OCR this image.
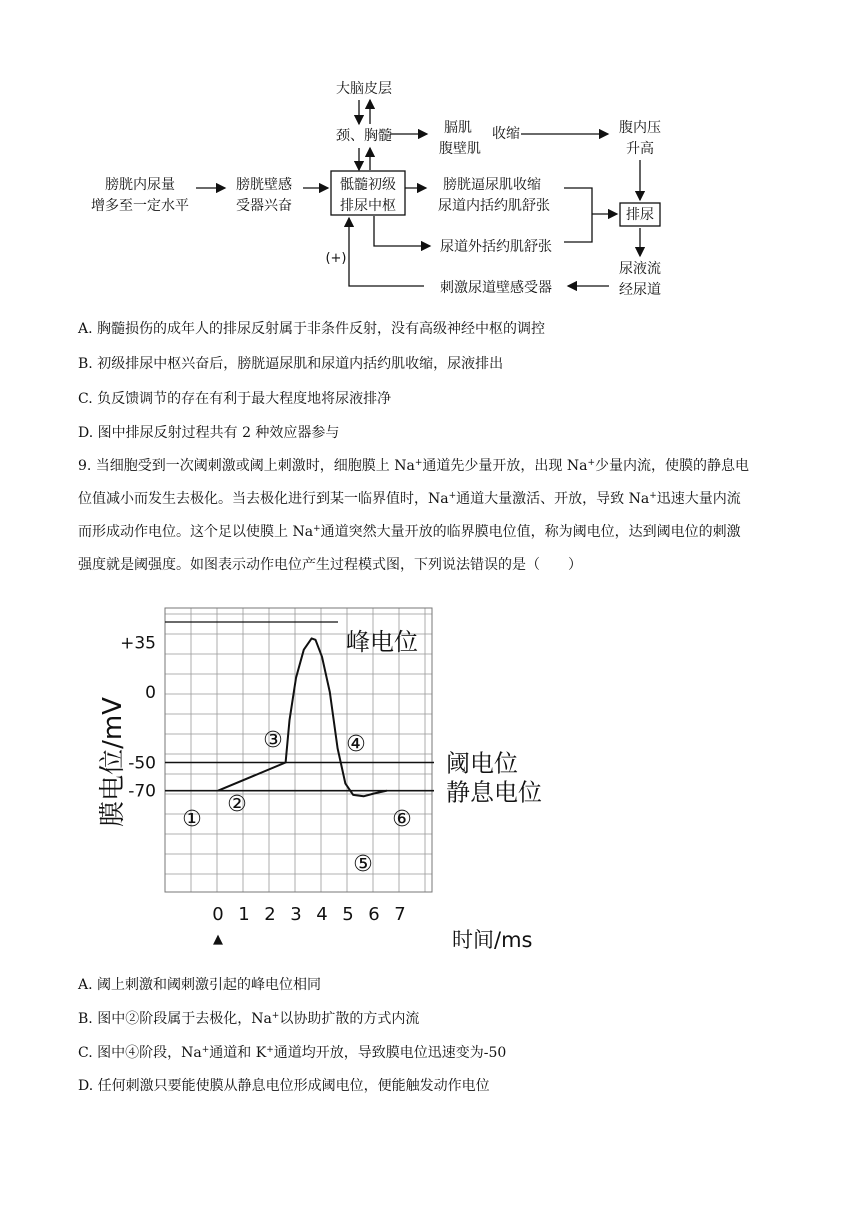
大脑皮层
颈、胸髓	膈肌
腹壁肌
收缩	腹内压
升高
膀胱内尿量
增多至一定水平
膀胱壁感
受器兴奋
骶髓初级
排尿中枢
膀胱逼尿肌收缩
尿道内括约肌舒张
排尿
尿道外括约肌舒张
(+)
刺激尿道壁感受器
尿液流
经尿道

A. 胸髓损伤的成年人的排尿反射属于非条件反射，没有高级神经中枢的调控

B. 初级排尿中枢兴奋后，膀胱逼尿肌和尿道内括约肌收缩，尿液排出

C. 负反馈调节的存在有利于最大程度地将尿液排净

D. 图中排尿反射过程共有 2 种效应器参与

9. 当细胞受到一次阈刺激或阈上刺激时，细胞膜上 Na+通道先少量开放，出现 Na+少量内流，使膜的静息电
位值减小而发生去极化。当去极化进行到某一临界值时，Na+通道大量激活、开放，导致 Na+迅速大量内流
而形成动作电位。这个足以使膜上 Na+通道突然大量开放的临界膜电位值，称为阈电位，达到阈电位的刺激
强度就是阈强度。如图表示动作电位产生过程模式图，下列说法错误的是（　　）
+35
0
-50
-70
0 1 2 3 4 5 6 7
▲	时间/ms
膜电位/mV
峰电位
阈电位
静息电位
①
②
③	④
⑤
⑥

A. 阈上刺激和阈刺激引起的峰电位相同

B. 图中②阶段属于去极化，Na+以协助扩散的方式内流

C. 图中④阶段，Na+通道和 K+通道均开放，导致膜电位迅速变为-50

D. 任何刺激只要能使膜从静息电位形成阈电位，便能触发动作电位
